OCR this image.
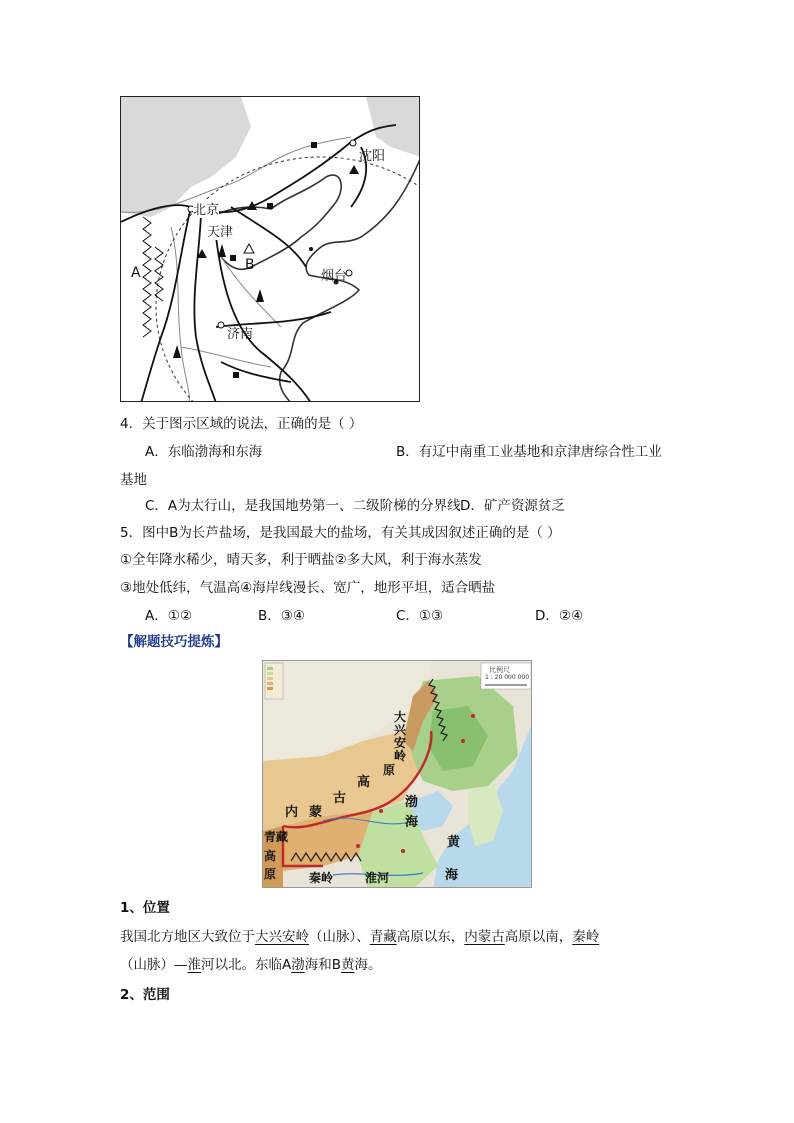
沈阳
北京
天津
烟台
济南
A	B
4．关于图示区域的说法，正确的是（ ）
A．东临渤海和东海	B．有辽中南重工业基地和京津唐综合性工业
基地
C．A为太行山，是我国地势第一、二级阶梯的分界线 D．矿产资源贫乏
5．图中B为长芦盐场，是我国最大的盐场，有关其成因叙述正确的是（ ）
①全年降水稀少，晴天多，利于晒盐②多大风，利于海水蒸发
③地处低纬，气温高④海岸线漫长、宽广，地形平坦，适合晒盐
A．①②	B．③④	C．①③	D．②④
【解题技巧提炼】
比例尺
1 : 20 000 000
大
兴
安
岭
原
高
古
蒙
内
渤
海
黄
海
青 藏
高
原	秦岭	淮河
1、位置
我国北方地区大致位于大兴安岭（山脉）、青藏高原以东，内蒙古高原以南，秦岭
（山脉）—淮河以北。东临A渤海和B黄海。
2、范围
